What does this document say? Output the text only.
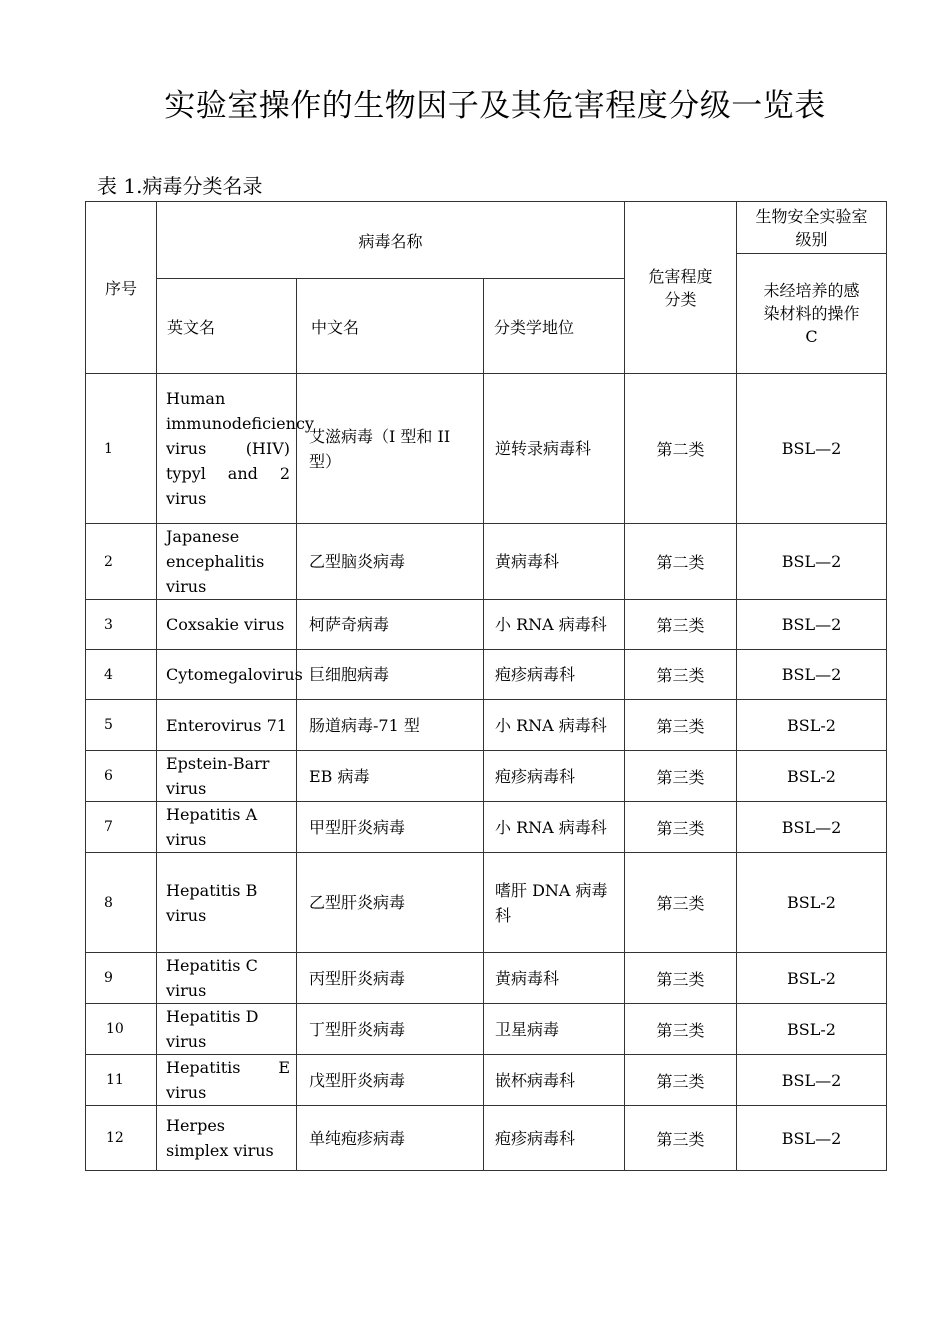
实验室操作的生物因子及其危害程度分级一览表
表 1.病毒分类名录
序号	病毒名称			危害程度分类	生物安全实验室级别
					未经培养的感染材料的操作 C
	英文名	中文名	分类学地位		
1	Human immunodeficiency virus (HIV) typyl and 2 virus	艾滋病毒（I 型和 II 型）	逆转录病毒科	第二类	BSL—2
2	Japanese encephalitis virus	乙型脑炎病毒	黄病毒科	第二类	BSL—2
3	Coxsakie virus	柯萨奇病毒	小 RNA 病毒科	第三类	BSL—2
4	Cytomegalovirus	巨细胞病毒	疱疹病毒科	第三类	BSL—2
5	Enterovirus 71	肠道病毒-71 型	小 RNA 病毒科	第三类	BSL-2
6	Epstein-Barr virus	EB 病毒	疱疹病毒科	第三类	BSL-2
7	Hepatitis A virus	甲型肝炎病毒	小 RNA 病毒科	第三类	BSL—2
8	Hepatitis B virus	乙型肝炎病毒	嗜肝 DNA 病毒科	第三类	BSL-2
9	Hepatitis C virus	丙型肝炎病毒	黄病毒科	第三类	BSL-2
10	Hepatitis D virus	丁型肝炎病毒	卫星病毒	第三类	BSL-2
11	Hepatitis E virus	戊型肝炎病毒	嵌杯病毒科	第三类	BSL—2
12	Herpes simplex virus	单纯疱疹病毒	疱疹病毒科	第三类	BSL—2
